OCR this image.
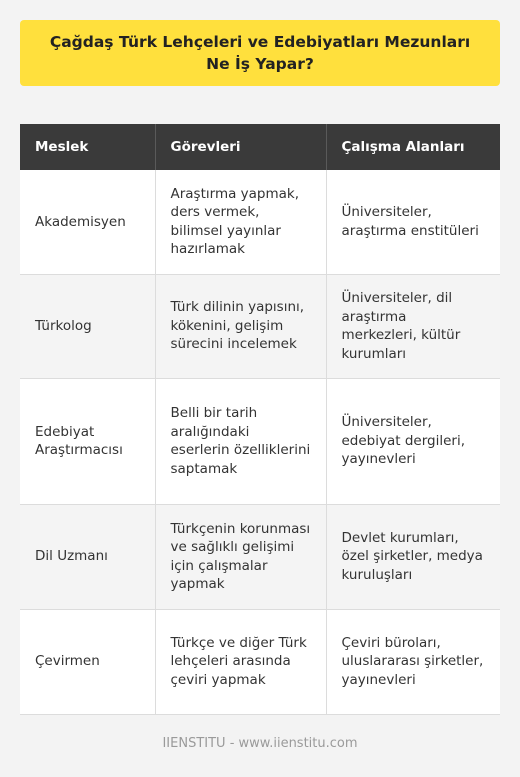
Çağdaş Türk Lehçeleri ve Edebiyatları Mezunları Ne İş Yapar?
Meslek	Görevleri	Çalışma Alanları
Akademisyen	Araştırma yapmak, ders vermek, bilimsel yayınlar hazırlamak	Üniversiteler, araştırma enstitüleri
Türkolog	Türk dilinin yapısını, kökenini, gelişim sürecini incelemek	Üniversiteler, dil araştırma merkezleri, kültür kurumları
Edebiyat Araştırmacısı	Belli bir tarih aralığındaki eserlerin özelliklerini saptamak	Üniversiteler, edebiyat dergileri, yayınevleri
Dil Uzmanı	Türkçenin korunması ve sağlıklı gelişimi için çalışmalar yapmak	Devlet kurumları, özel şirketler, medya kuruluşları
Çevirmen	Türkçe ve diğer Türk lehçeleri arasında çeviri yapmak	Çeviri büroları, uluslararası şirketler, yayınevleri
IIENSTITU - www.iienstitu.com
